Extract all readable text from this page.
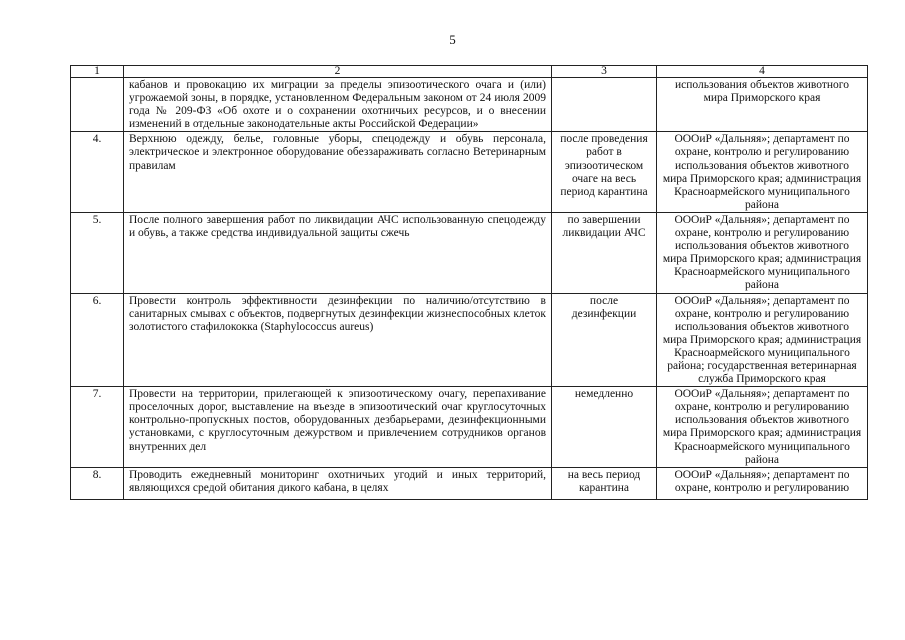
5
1	2	3	4
	кабанов и провокацию их миграции за пределы эпизоотического очага и (или) угрожаемой зоны, в порядке, установленном Федеральным законом от 24 июля 2009 года № 209-ФЗ «Об охоте и о сохранении охотничьих ресурсов, и о внесении изменений в отдельные законодательные акты Российской Федерации»		использования объектов животного мира Приморского края
4.	Верхнюю одежду, белье, головные уборы, спецодежду и обувь персонала, электрическое и электронное оборудование обеззараживать согласно Ветеринарным правилам	после проведения работ в эпизоотическом очаге на весь период карантина	ОООиР «Дальняя»; департамент по охране, контролю и регулированию использования объектов животного мира Приморского края; администрация Красноармейского муниципального района
5.	После полного завершения работ по ликвидации АЧС использованную спецодежду и обувь, а также средства индивидуальной защиты сжечь	по завершении ликвидации АЧС	ОООиР «Дальняя»; департамент по охране, контролю и регулированию использования объектов животного мира Приморского края; администрация Красноармейского муниципального района
6.	Провести контроль эффективности дезинфекции по наличию/отсутствию в санитарных смывах с объектов, подвергнутых дезинфекции жизнеспособных клеток золотистого стафилококка (Staphylococcus aureus)	после дезинфекции	ОООиР «Дальняя»; департамент по охране, контролю и регулированию использования объектов животного мира Приморского края; администрация Красноармейского муниципального района; государственная ветеринарная служба Приморского края
7.	Провести на территории, прилегающей к эпизоотическому очагу, перепахивание проселочных дорог, выставление на въезде в эпизоотический очаг круглосуточных контрольно-пропускных постов, оборудованных дезбарьерами, дезинфекционными установками, с круглосуточным дежурством и привлечением сотрудников органов внутренних дел	немедленно	ОООиР «Дальняя»; департамент по охране, контролю и регулированию использования объектов животного мира Приморского края; администрация Красноармейского муниципального района
8.	Проводить ежедневный мониторинг охотничьих угодий и иных территорий, являющихся средой обитания дикого кабана, в целях	на весь период карантина	ОООиР «Дальняя»; департамент по охране, контролю и регулированию
